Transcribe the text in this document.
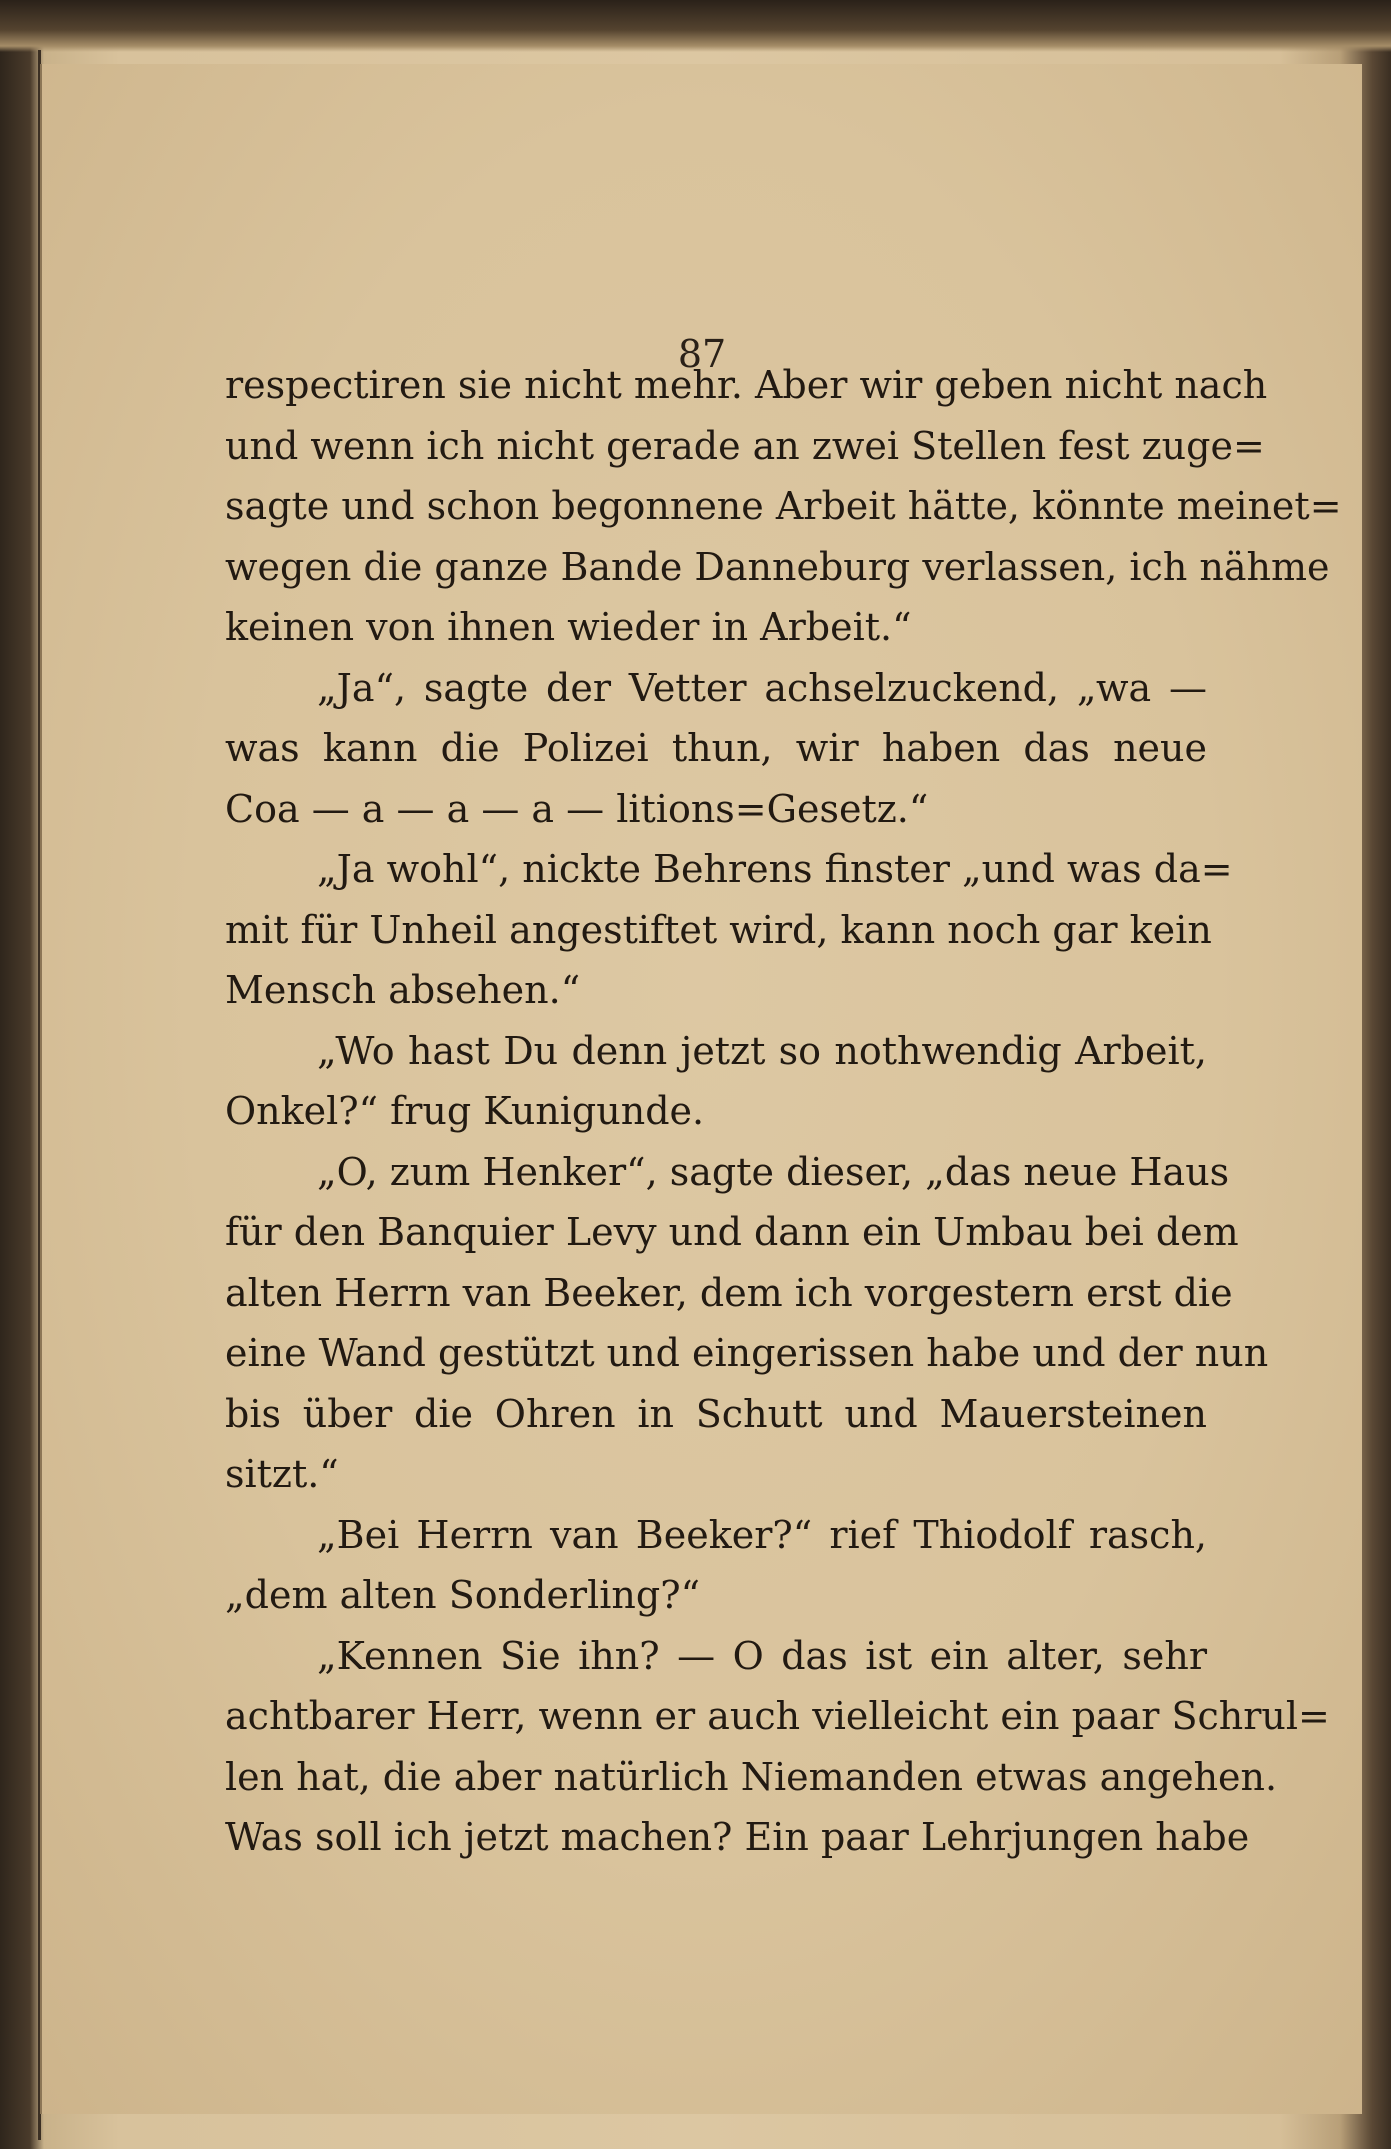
87
respectiren sie nicht mehr. Aber wir geben nicht nach
und wenn ich nicht gerade an zwei Stellen fest zuge=
sagte und schon begonnene Arbeit hätte, könnte meinet=
wegen die ganze Bande Danneburg verlassen, ich nähme
keinen von ihnen wieder in Arbeit.“
„Ja“, sagte der Vetter achselzuckend, „wa —
was kann die Polizei thun, wir haben das neue
Coa — a — a — a — litions=Gesetz.“
„Ja wohl“, nickte Behrens finster „und was da=
mit für Unheil angestiftet wird, kann noch gar kein
Mensch absehen.“
„Wo hast Du denn jetzt so nothwendig Arbeit,
Onkel?“ frug Kunigunde.
„O, zum Henker“, sagte dieser, „das neue Haus
für den Banquier Levy und dann ein Umbau bei dem
alten Herrn van Beeker, dem ich vorgestern erst die
eine Wand gestützt und eingerissen habe und der nun
bis über die Ohren in Schutt und Mauersteinen
sitzt.“
„Bei Herrn van Beeker?“ rief Thiodolf rasch,
„dem alten Sonderling?“
„Kennen Sie ihn? — O das ist ein alter, sehr
achtbarer Herr, wenn er auch vielleicht ein paar Schrul=
len hat, die aber natürlich Niemanden etwas angehen.
Was soll ich jetzt machen? Ein paar Lehrjungen habe
